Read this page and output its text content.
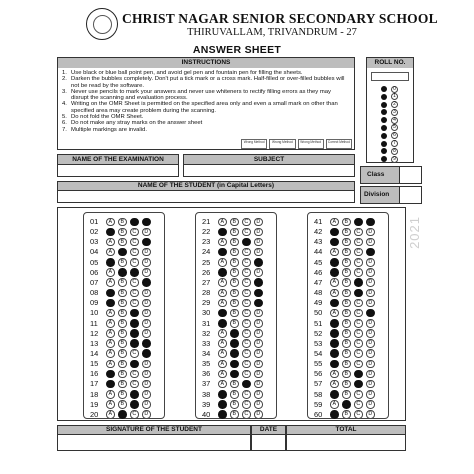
CHRIST NAGAR SENIOR SECONDARY SCHOOL
THIRUVALLAM, TRIVANDRUM - 27
ANSWER SHEET
INSTRUCTIONS
1. Use black or blue ball point pen, and avoid gel pen and fountain pen for filling the sheets.
2. Darken the bubbles completely. Don't put a tick mark or a cross mark. Half-filled or over-filled bubbles will not be read by the software.
3. Never use pencils to mark your answers and never use whiteners to rectify filling errors as they may disrupt the scanning and evaluation process.
4. Writing on the OMR Sheet is permitted on the specified area only and even a small mark on other than specified area may create problem during the scanning.
5. Do not fold the OMR Sheet.
6. Do not make any stray marks on the answer sheet
7. Multiple markings are invalid.
Wrong Method	Wrong Method	Wrong Method	Correct Method
ROLL NO.
0
1
2
3
4
5
6
7
8
9
NAME OF THE EXAMINATION	SUBJECT
NAME OF THE STUDENT (in Capital Letters)
Class
Division
01	A	B	C	D
02	A	B	C	D
03	A	B	C	D
04	A	B	C	D
05	A	B	C	D
06	A	B	C	D
07	A	B	C	D
08	A	B	C	D
09	A	B	C	D
10	A	B	C	D
11	A	B	C	D
12	A	B	C	D
13	A	B	C	D
14	A	B	C	D
15	A	B	C	D
16	A	B	C	D
17	A	B	C	D
18	A	B	C	D
19	A	B	C	D
20	A	B	C	D
21	A	B	C	D
22	A	B	C	D
23	A	B	C	D
24	A	B	C	D
25	A	B	C	D
26	A	B	C	D
27	A	B	C	D
28	A	B	C	D
29	A	B	C	D
30	A	B	C	D
31	A	B	C	D
32	A	B	C	D
33	A	B	C	D
34	A	B	C	D
35	A	B	C	D
36	A	B	C	D
37	A	B	C	D
38	A	B	C	D
39	A	B	C	D
40	A	B	C	D
41	A	B	C	D
42	A	B	C	D
43	A	B	C	D
44	A	B	C	D
45	A	B	C	D
46	A	B	C	D
47	A	B	C	D
48	A	B	C	D
49	A	B	C	D
50	A	B	C	D
51	A	B	C	D
52	A	B	C	D
53	A	B	C	D
54	A	B	C	D
55	A	B	C	D
56	A	B	C	D
57	A	B	C	D
58	A	B	C	D
59	A	B	C	D
60	A	B	C	D
2021
SIGNATURE OF THE STUDENT	DATE	TOTAL
